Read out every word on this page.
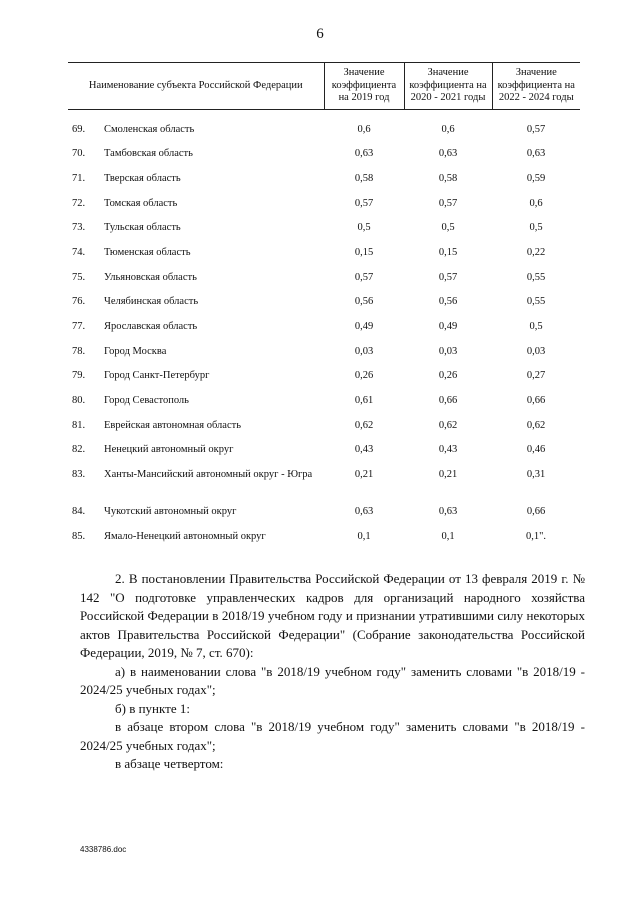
6
Наименование субъекта Российской Федерации		Значение коэффициента на 2019 год	Значение коэффициента на 2020 - 2021 годы	Значение коэффициента на 2022 - 2024 годы
69.	Смоленская область	0,6	0,6	0,57
70.	Тамбовская область	0,63	0,63	0,63
71.	Тверская область	0,58	0,58	0,59
72.	Томская область	0,57	0,57	0,6
73.	Тульская область	0,5	0,5	0,5
74.	Тюменская область	0,15	0,15	0,22
75.	Ульяновская область	0,57	0,57	0,55
76.	Челябинская область	0,56	0,56	0,55
77.	Ярославская область	0,49	0,49	0,5
78.	Город Москва	0,03	0,03	0,03
79.	Город Санкт-Петербург	0,26	0,26	0,27
80.	Город Севастополь	0,61	0,66	0,66
81.	Еврейская автономная область	0,62	0,62	0,62
82.	Ненецкий автономный округ	0,43	0,43	0,46
83.	Ханты-Мансийский автономный округ - Югра	0,21	0,21	0,31
84.	Чукотский автономный округ	0,63	0,63	0,66
85.	Ямало-Ненецкий автономный округ	0,1	0,1	0,1".

2. В постановлении Правительства Российской Федерации от 13 февраля 2019 г. № 142 "О подготовке управленческих кадров для организаций народного хозяйства Российской Федерации в 2018/19 учебном году и признании утратившими силу некоторых актов Правительства Российской Федерации" (Собрание законодательства Российской Федерации, 2019, № 7, ст. 670):

а) в наименовании слова "в 2018/19 учебном году" заменить словами "в 2018/19 - 2024/25 учебных годах";

б) в пункте 1:

в абзаце втором слова "в 2018/19 учебном году" заменить словами "в 2018/19 - 2024/25 учебных годах";

в абзаце четвертом:

4338786.doc
